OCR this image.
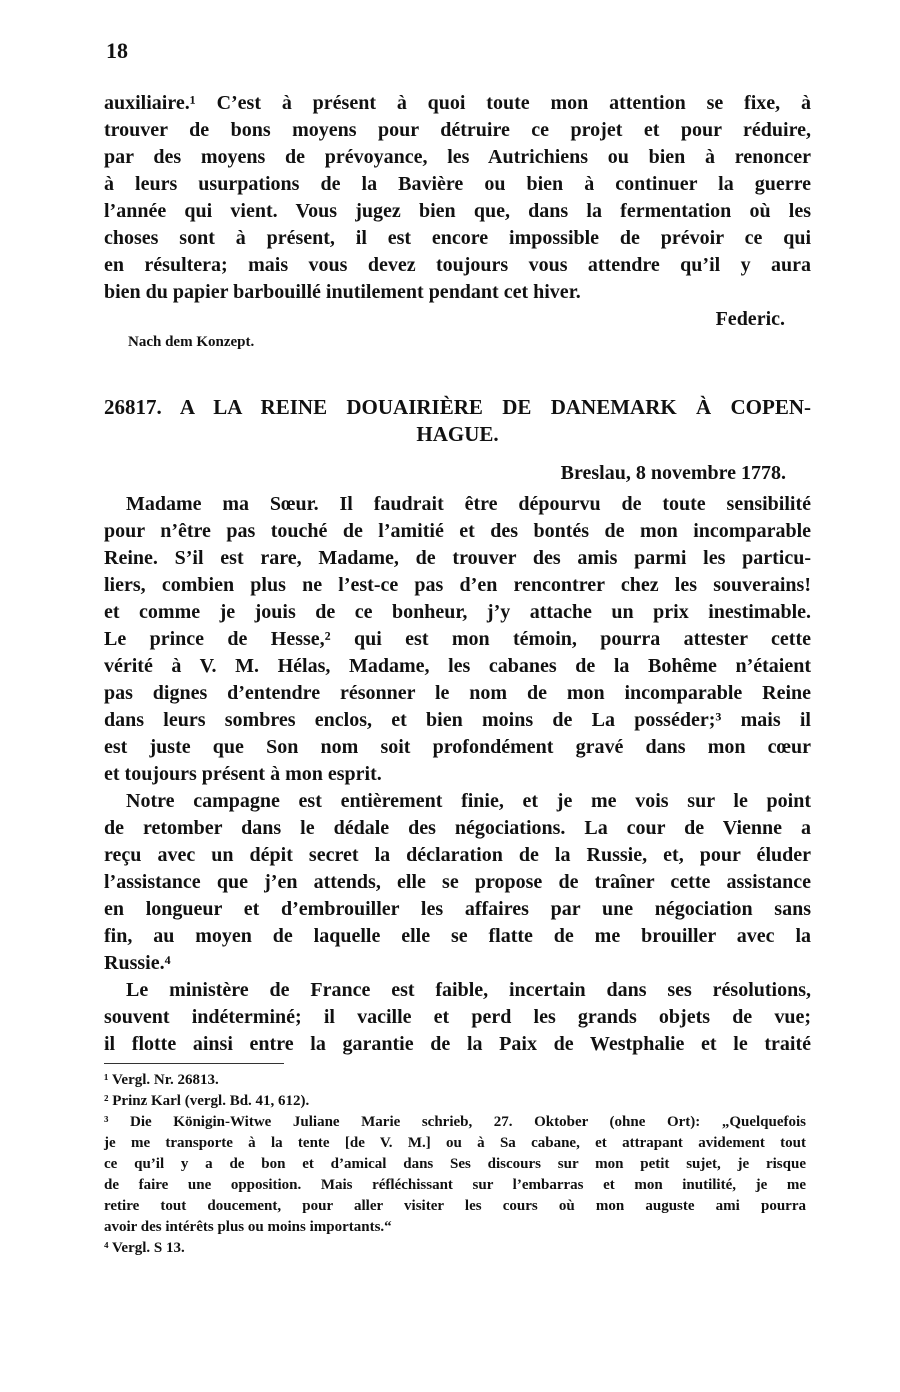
18
auxiliaire.¹ C’est à présent à quoi toute mon attention se fixe, à
trouver de bons moyens pour détruire ce projet et pour réduire,
par des moyens de prévoyance, les Autrichiens ou bien à renoncer
à leurs usurpations de la Bavière ou bien à continuer la guerre
l’année qui vient. Vous jugez bien que, dans la fermentation où les
choses sont à présent, il est encore impossible de prévoir ce qui
en résultera; mais vous devez toujours vous attendre qu’il y aura
bien du papier barbouillé inutilement pendant cet hiver.
Federic.
Nach dem Konzept.
26817. A LA REINE DOUAIRIÈRE DE DANEMARK À COPEN-
HAGUE.
Breslau, 8 novembre 1778.
Madame ma Sœur. Il faudrait être dépourvu de toute sensibilité
pour n’être pas touché de l’amitié et des bontés de mon incomparable
Reine. S’il est rare, Madame, de trouver des amis parmi les particu-
liers, combien plus ne l’est-ce pas d’en rencontrer chez les souverains!
et comme je jouis de ce bonheur, j’y attache un prix inestimable.
Le prince de Hesse,² qui est mon témoin, pourra attester cette
vérité à V. M. Hélas, Madame, les cabanes de la Bohême n’étaient
pas dignes d’entendre résonner le nom de mon incomparable Reine
dans leurs sombres enclos, et bien moins de La posséder;³ mais il
est juste que Son nom soit profondément gravé dans mon cœur
et toujours présent à mon esprit.
Notre campagne est entièrement finie, et je me vois sur le point
de retomber dans le dédale des négociations. La cour de Vienne a
reçu avec un dépit secret la déclaration de la Russie, et, pour éluder
l’assistance que j’en attends, elle se propose de traîner cette assistance
en longueur et d’embrouiller les affaires par une négociation sans
fin, au moyen de laquelle elle se flatte de me brouiller avec la
Russie.⁴
Le ministère de France est faible, incertain dans ses résolutions,
souvent indéterminé; il vacille et perd les grands objets de vue;
il flotte ainsi entre la garantie de la Paix de Westphalie et le traité
¹ Vergl. Nr. 26813.
² Prinz Karl (vergl. Bd. 41, 612).
³ Die Königin-Witwe Juliane Marie schrieb, 27. Oktober (ohne Ort): „Quelquefois
je me transporte à la tente [de V. M.] ou à Sa cabane, et attrapant avidement tout
ce qu’il y a de bon et d’amical dans Ses discours sur mon petit sujet, je risque
de faire une opposition. Mais réfléchissant sur l’embarras et mon inutilité, je me
retire tout doucement, pour aller visiter les cours où mon auguste ami pourra
avoir des intérêts plus ou moins importants.“
⁴ Vergl. S 13.
